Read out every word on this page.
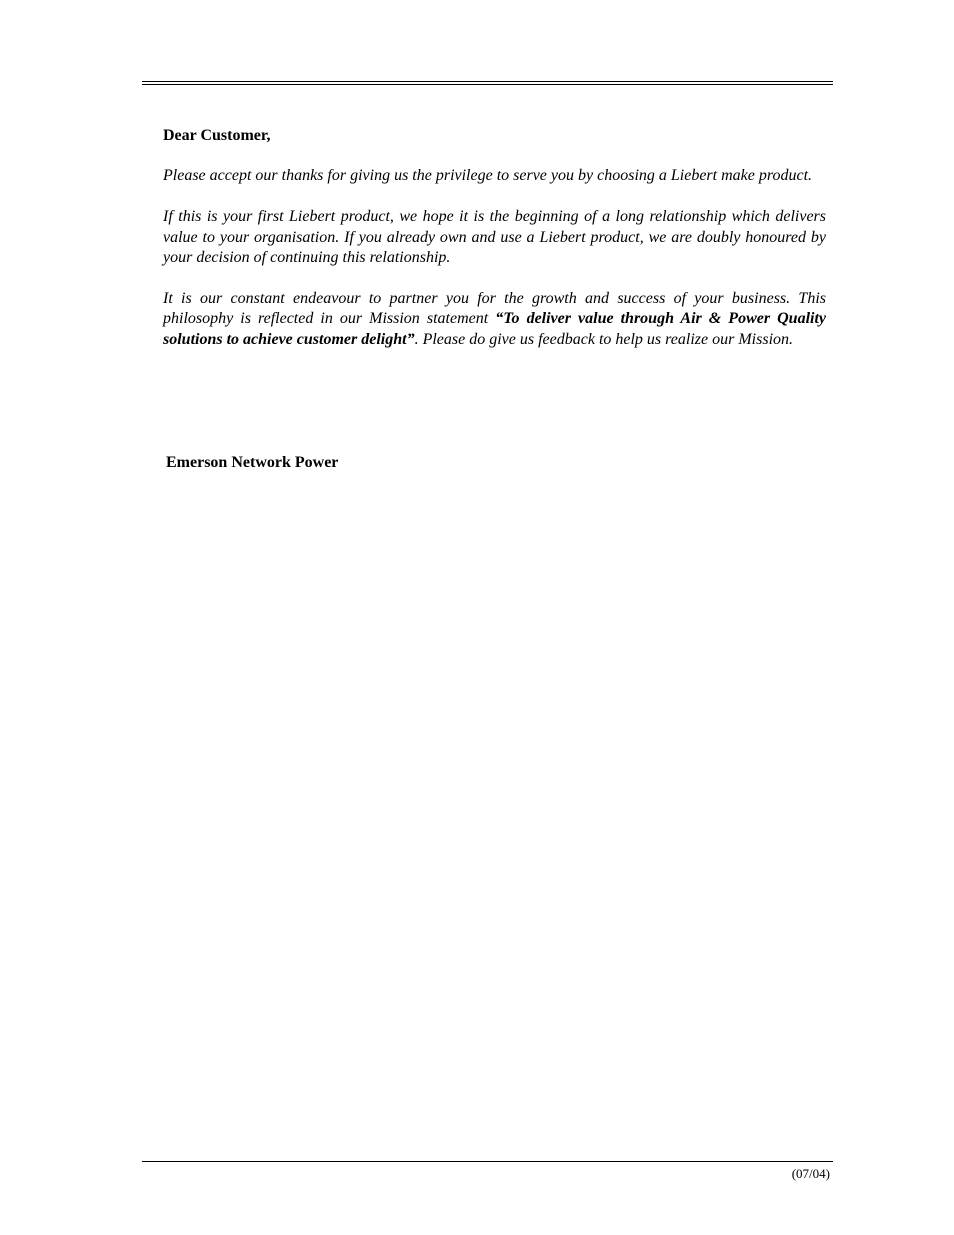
Dear Customer,

Please accept our thanks for giving us the privilege to serve you by choosing a Liebert make product.

If this is your first Liebert product, we hope it is the beginning of a long relationship which delivers value to your organisation. If you already own and use a Liebert product, we are doubly honoured by your decision of continuing this relationship.

It is our constant endeavour to partner you for the growth and success of your business. This philosophy is reflected in our Mission statement “To deliver value through Air & Power Quality solutions to achieve customer delight”. Please do give us feedback to help us realize our Mission.

Emerson Network Power
(07/04)
